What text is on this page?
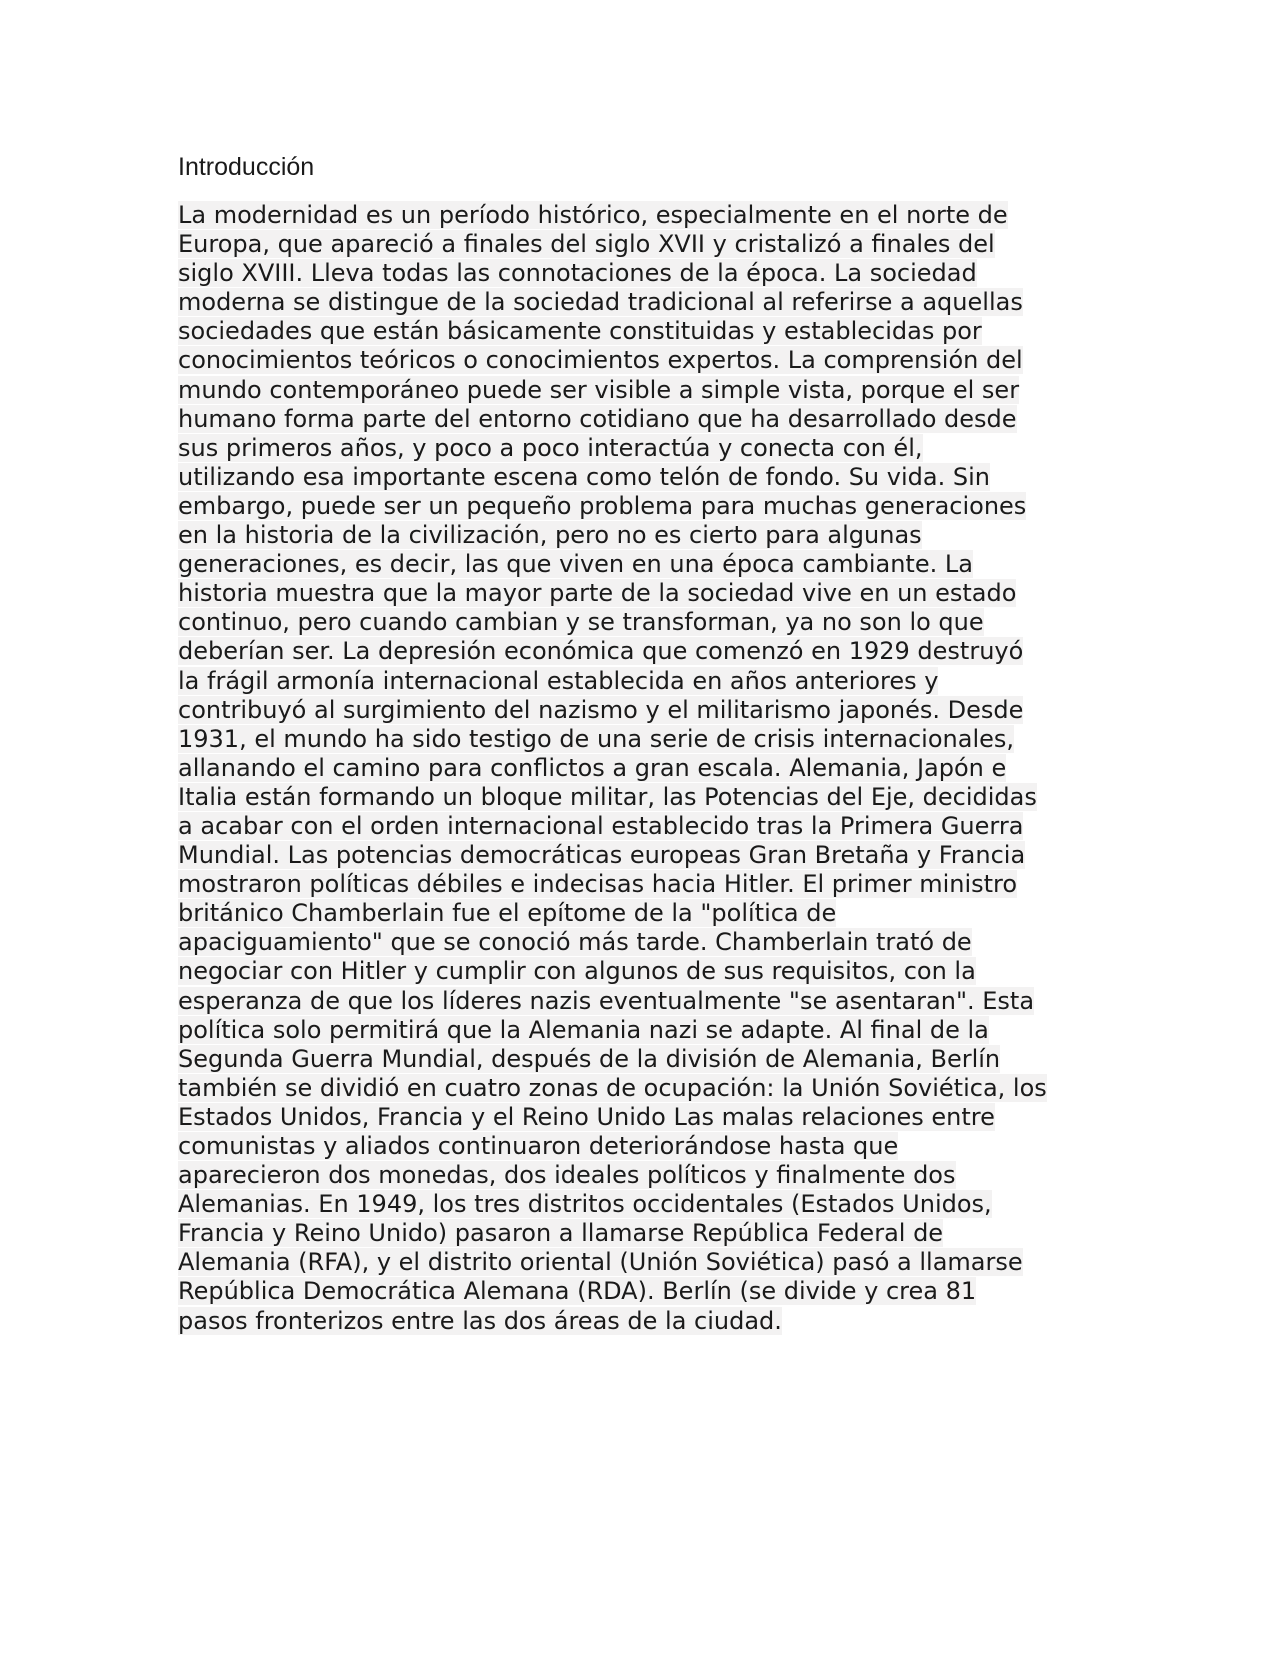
Introducción
La modernidad es un período histórico, especialmente en el norte de
Europa, que apareció a finales del siglo XVII y cristalizó a finales del
siglo XVIII. Lleva todas las connotaciones de la época. La sociedad
moderna se distingue de la sociedad tradicional al referirse a aquellas
sociedades que están básicamente constituidas y establecidas por
conocimientos teóricos o conocimientos expertos. La comprensión del
mundo contemporáneo puede ser visible a simple vista, porque el ser
humano forma parte del entorno cotidiano que ha desarrollado desde
sus primeros años, y poco a poco interactúa y conecta con él,
utilizando esa importante escena como telón de fondo. Su vida. Sin
embargo, puede ser un pequeño problema para muchas generaciones
en la historia de la civilización, pero no es cierto para algunas
generaciones, es decir, las que viven en una época cambiante. La
historia muestra que la mayor parte de la sociedad vive en un estado
continuo, pero cuando cambian y se transforman, ya no son lo que
deberían ser. La depresión económica que comenzó en 1929 destruyó
la frágil armonía internacional establecida en años anteriores y
contribuyó al surgimiento del nazismo y el militarismo japonés. Desde
1931, el mundo ha sido testigo de una serie de crisis internacionales,
allanando el camino para conflictos a gran escala. Alemania, Japón e
Italia están formando un bloque militar, las Potencias del Eje, decididas
a acabar con el orden internacional establecido tras la Primera Guerra
Mundial. Las potencias democráticas europeas Gran Bretaña y Francia
mostraron políticas débiles e indecisas hacia Hitler. El primer ministro
británico Chamberlain fue el epítome de la "política de
apaciguamiento" que se conoció más tarde. Chamberlain trató de
negociar con Hitler y cumplir con algunos de sus requisitos, con la
esperanza de que los líderes nazis eventualmente "se asentaran". Esta
política solo permitirá que la Alemania nazi se adapte. Al final de la
Segunda Guerra Mundial, después de la división de Alemania, Berlín
también se dividió en cuatro zonas de ocupación: la Unión Soviética, los
Estados Unidos, Francia y el Reino Unido Las malas relaciones entre
comunistas y aliados continuaron deteriorándose hasta que
aparecieron dos monedas, dos ideales políticos y finalmente dos
Alemanias. En 1949, los tres distritos occidentales (Estados Unidos,
Francia y Reino Unido) pasaron a llamarse República Federal de
Alemania (RFA), y el distrito oriental (Unión Soviética) pasó a llamarse
República Democrática Alemana (RDA). Berlín (se divide y crea 81
pasos fronterizos entre las dos áreas de la ciudad.
